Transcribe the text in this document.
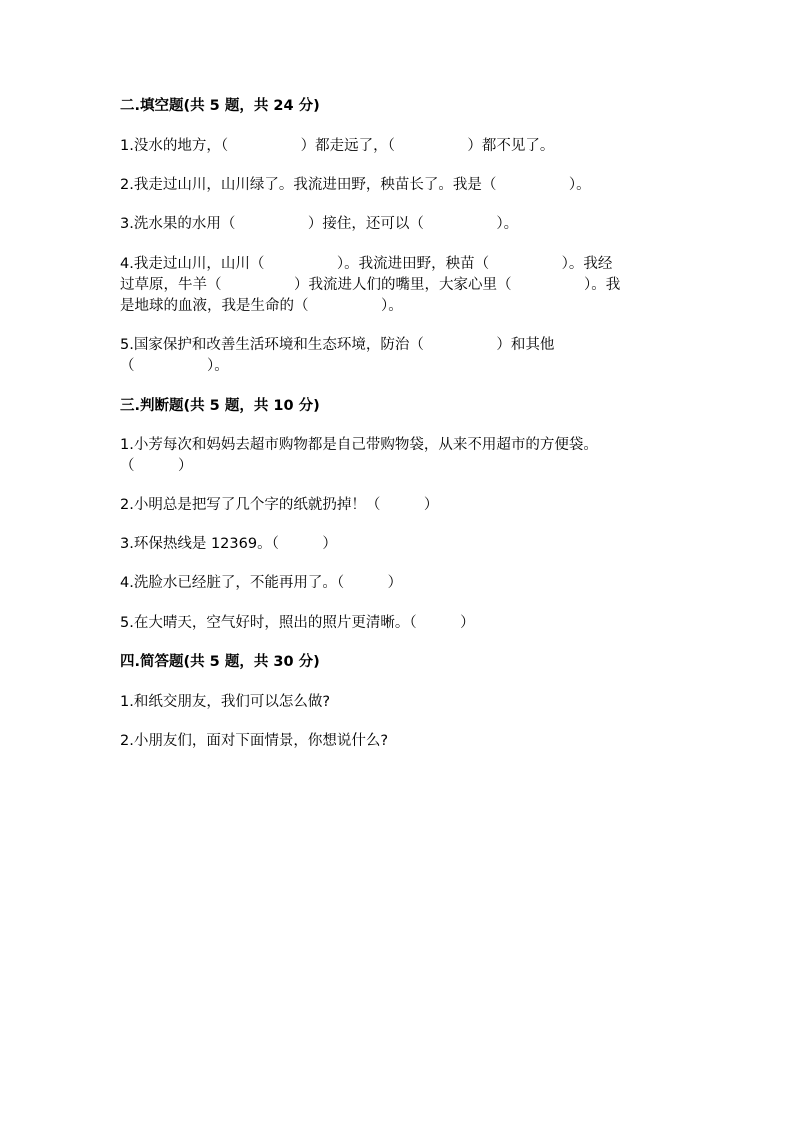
二.填空题(共 5 题，共 24 分)
1.没水的地方，（　　　　　）都走远了，（　　　　　）都不见了。
2.我走过山川，山川绿了。我流进田野，秧苗长了。我是（　　　　　）。
3.洗水果的水用（　　　　　）接住，还可以（　　　　　）。
4.我走过山川，山川（　　　　　）。我流进田野，秧苗（　　　　　）。我经
过草原，牛羊（　　　　　）我流进人们的嘴里，大家心里（　　　　　）。我
是地球的血液，我是生命的（　　　　　）。
5.国家保护和改善生活环境和生态环境，防治（　　　　　）和其他
（　　　　　）。
三.判断题(共 5 题，共 10 分)
1.小芳每次和妈妈去超市购物都是自己带购物袋，从来不用超市的方便袋。
（　　　）
2.小明总是把写了几个字的纸就扔掉！（　　　）
3.环保热线是 12369。（　　　）
4.洗脸水已经脏了，不能再用了。（　　　）
5.在大晴天，空气好时，照出的照片更清晰。（　　　）
四.简答题(共 5 题，共 30 分)
1.和纸交朋友，我们可以怎么做?
2.小朋友们，面对下面情景，你想说什么?
